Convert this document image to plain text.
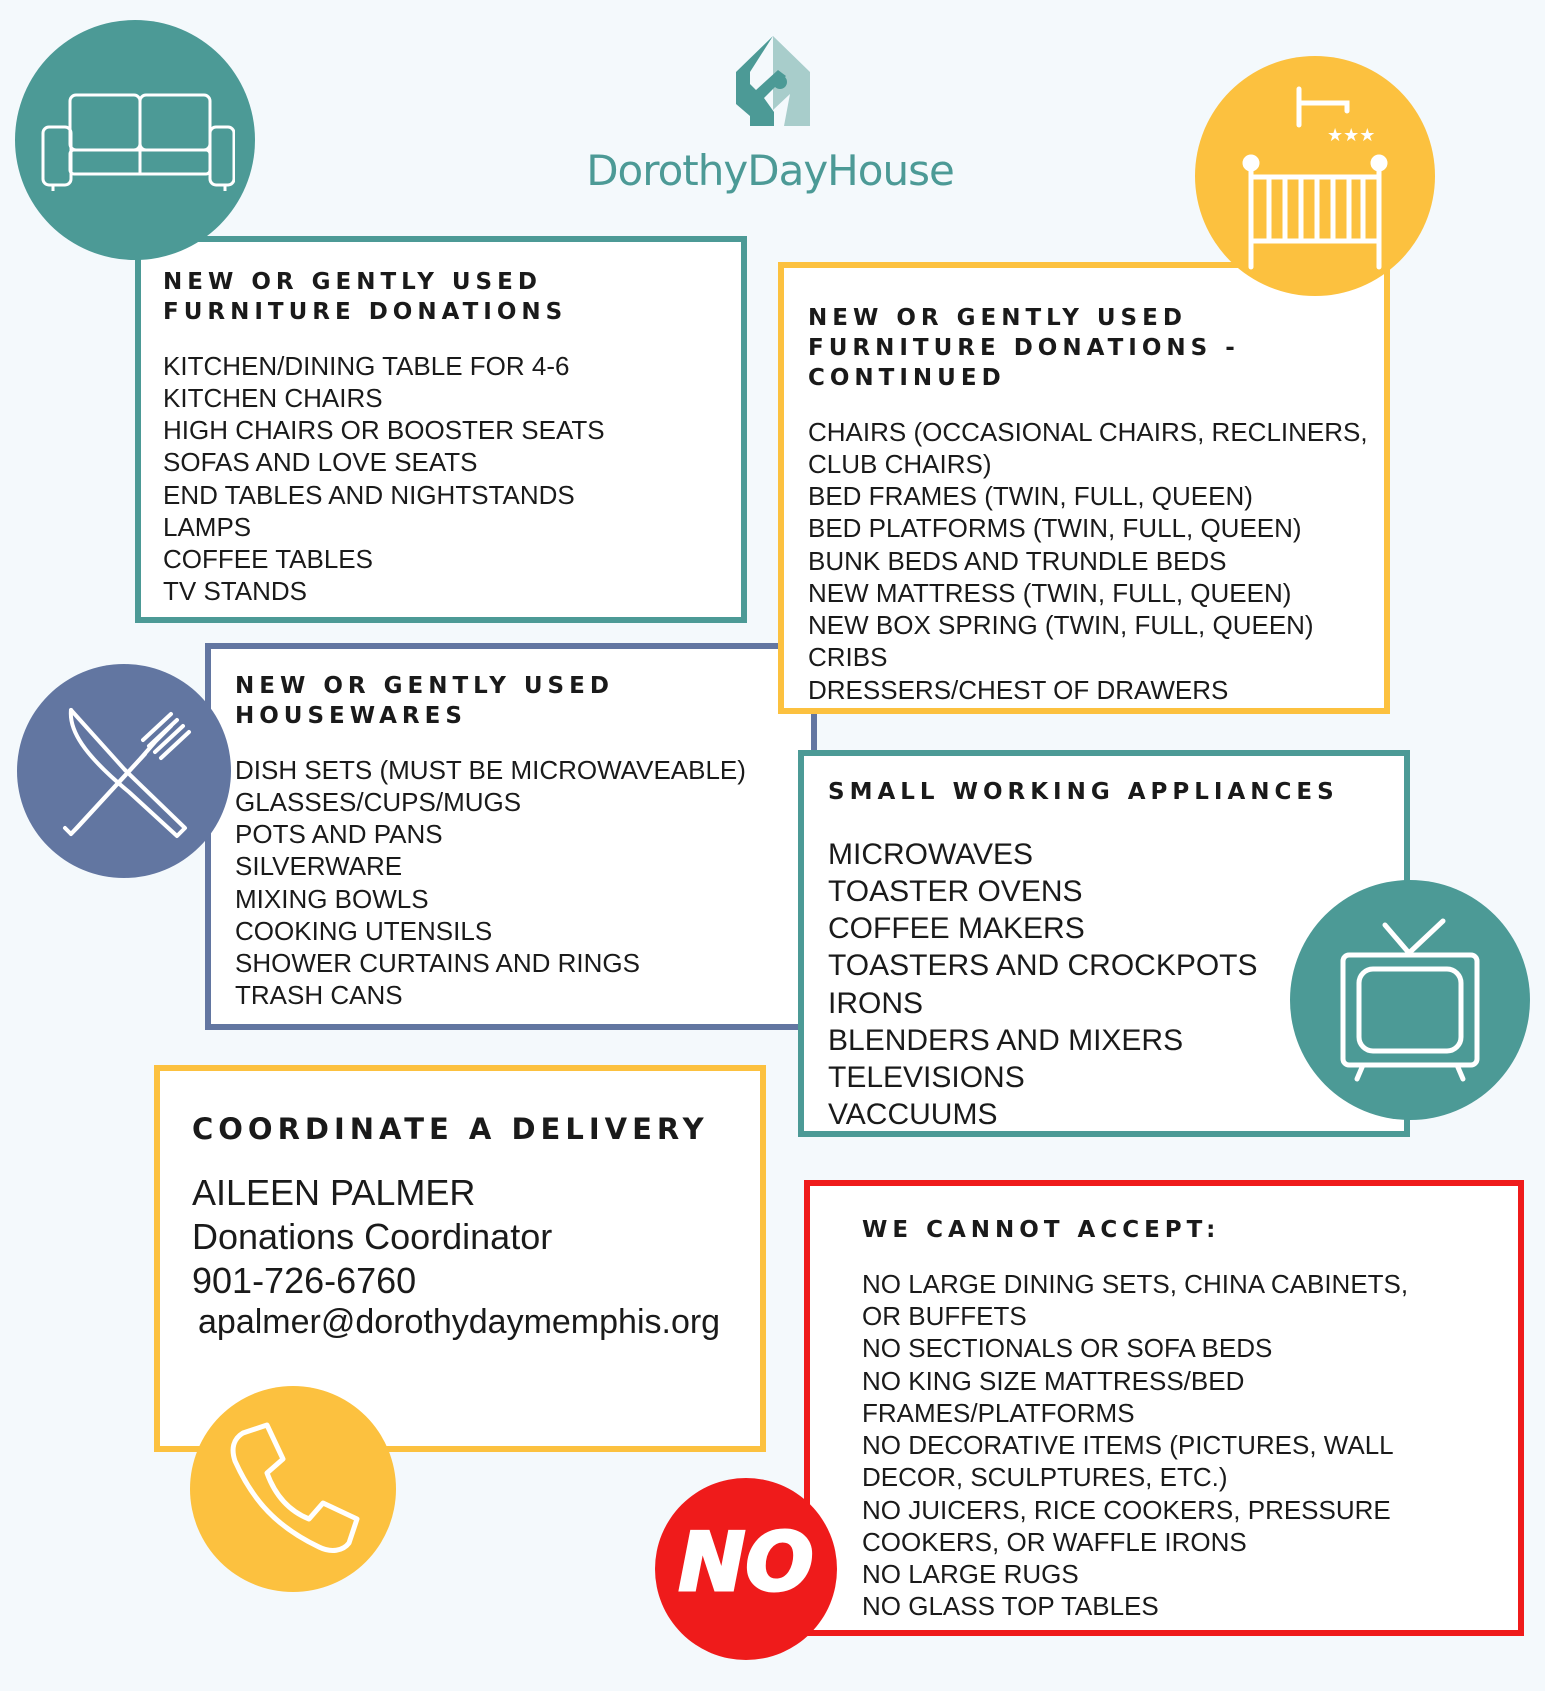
DorothyDayHouse
NEW OR GENTLY USED FURNITURE DONATIONS
KITCHEN/DINING TABLE FOR 4-6
KITCHEN CHAIRS
HIGH CHAIRS OR BOOSTER SEATS
SOFAS AND LOVE SEATS
END TABLES AND NIGHTSTANDS
LAMPS
COFFEE TABLES
TV STANDS
NEW OR GENTLY USED HOUSEWARES
DISH SETS (MUST BE MICROWAVEABLE)
GLASSES/CUPS/MUGS
POTS AND PANS
SILVERWARE
MIXING BOWLS
COOKING UTENSILS
SHOWER CURTAINS AND RINGS
TRASH CANS
NEW OR GENTLY USED FURNITURE DONATIONS - CONTINUED
CHAIRS (OCCASIONAL CHAIRS, RECLINERS, CLUB CHAIRS)
BED FRAMES (TWIN, FULL, QUEEN)
BED PLATFORMS (TWIN, FULL, QUEEN)
BUNK BEDS AND TRUNDLE BEDS
NEW MATTRESS (TWIN, FULL, QUEEN)
NEW BOX SPRING (TWIN, FULL, QUEEN)
CRIBS
DRESSERS/CHEST OF DRAWERS
★★★
SMALL WORKING APPLIANCES
MICROWAVES
TOASTER OVENS
COFFEE MAKERS
TOASTERS AND CROCKPOTS
IRONS
BLENDERS AND MIXERS
TELEVISIONS
VACCUUMS
COORDINATE A DELIVERY
AILEEN PALMER
Donations Coordinator
901-726-6760
apalmer@dorothydaymemphis.org
WE CANNOT ACCEPT:
NO LARGE DINING SETS, CHINA CABINETS, OR BUFFETS
NO SECTIONALS OR SOFA BEDS
NO KING SIZE MATTRESS/BED FRAMES/PLATFORMS
NO DECORATIVE ITEMS (PICTURES, WALL DECOR, SCULPTURES, ETC.)
NO JUICERS, RICE COOKERS, PRESSURE COOKERS, OR WAFFLE IRONS
NO LARGE RUGS
NO GLASS TOP TABLES
NO
